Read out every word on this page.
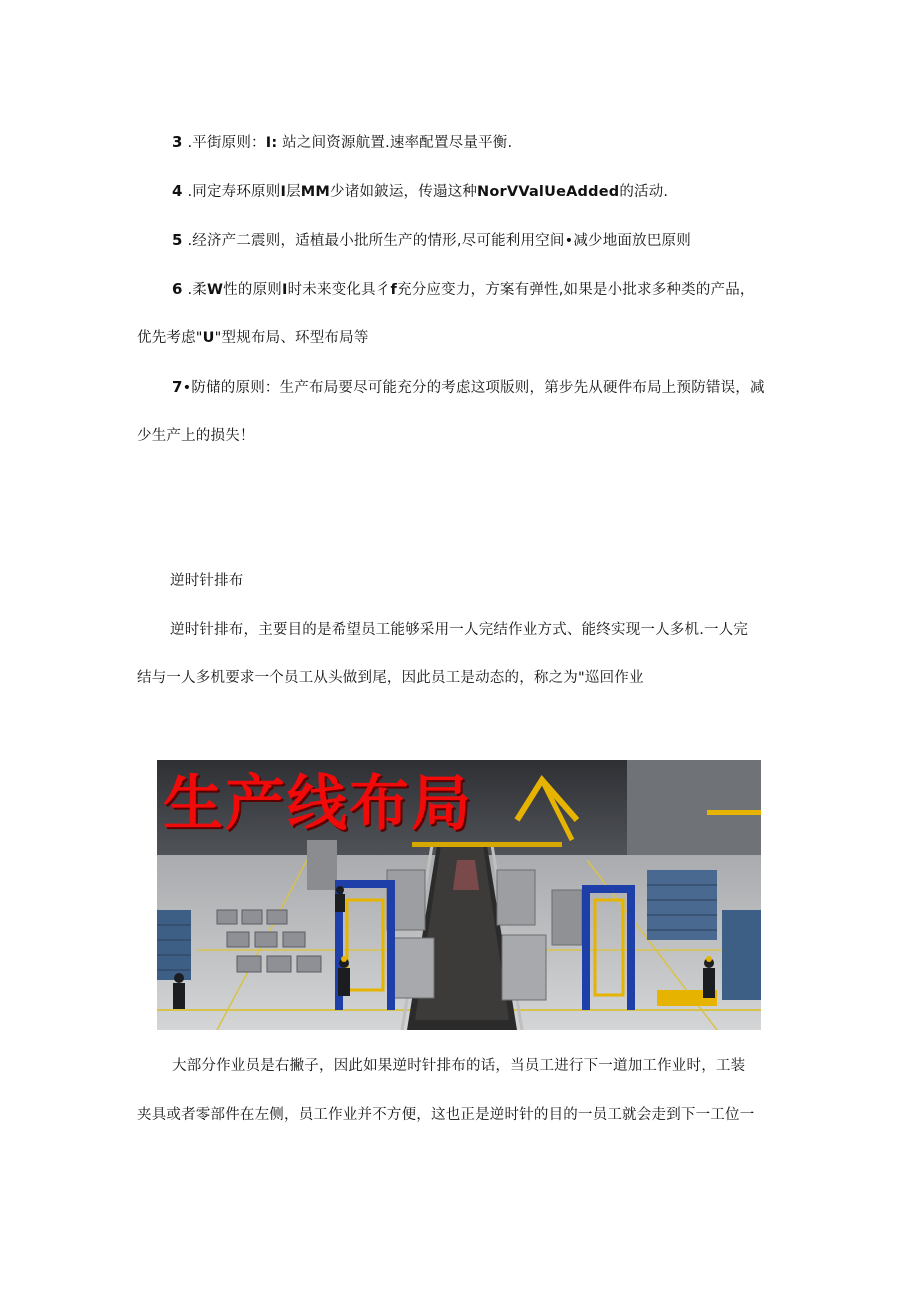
3 .平街原则：I: 站之间资源航置.速率配置尽量平衡.
4 .同定寿环原则I层MM少诸如鈹运，传遢这种NorVValUeAdded的活动.
5 .经济产二震则，适植最小批所生产的情形,尽可能利用空间•减少地面放巴原则
6 .柔W性的原则I时未来变化具彳f充分应变力，方案有弹性,如果是小批求多种类的产品，
优先考虑"U"型规布局、环型布局等
7•防储的原则：生产布局要尽可能充分的考虑这项版则，第步先从硬件布局上预防错误，减
少生产上的损失！
逆时针排布
逆时针排布，主要目的是希望员工能够采用一人完结作业方式、能终实现一人多机.一人完
结与一人多机要求一个员工从头做到尾，因此员工是动态的，称之为"巡回作业
生产线布局
大部分作业员是右撇子，因此如果逆时针排布的话，当员工进行下一道加工作业时，工装
夹具或者零部件在左侧，员工作业并不方便，这也正是逆时针的目的一员工就会走到下一工位一
